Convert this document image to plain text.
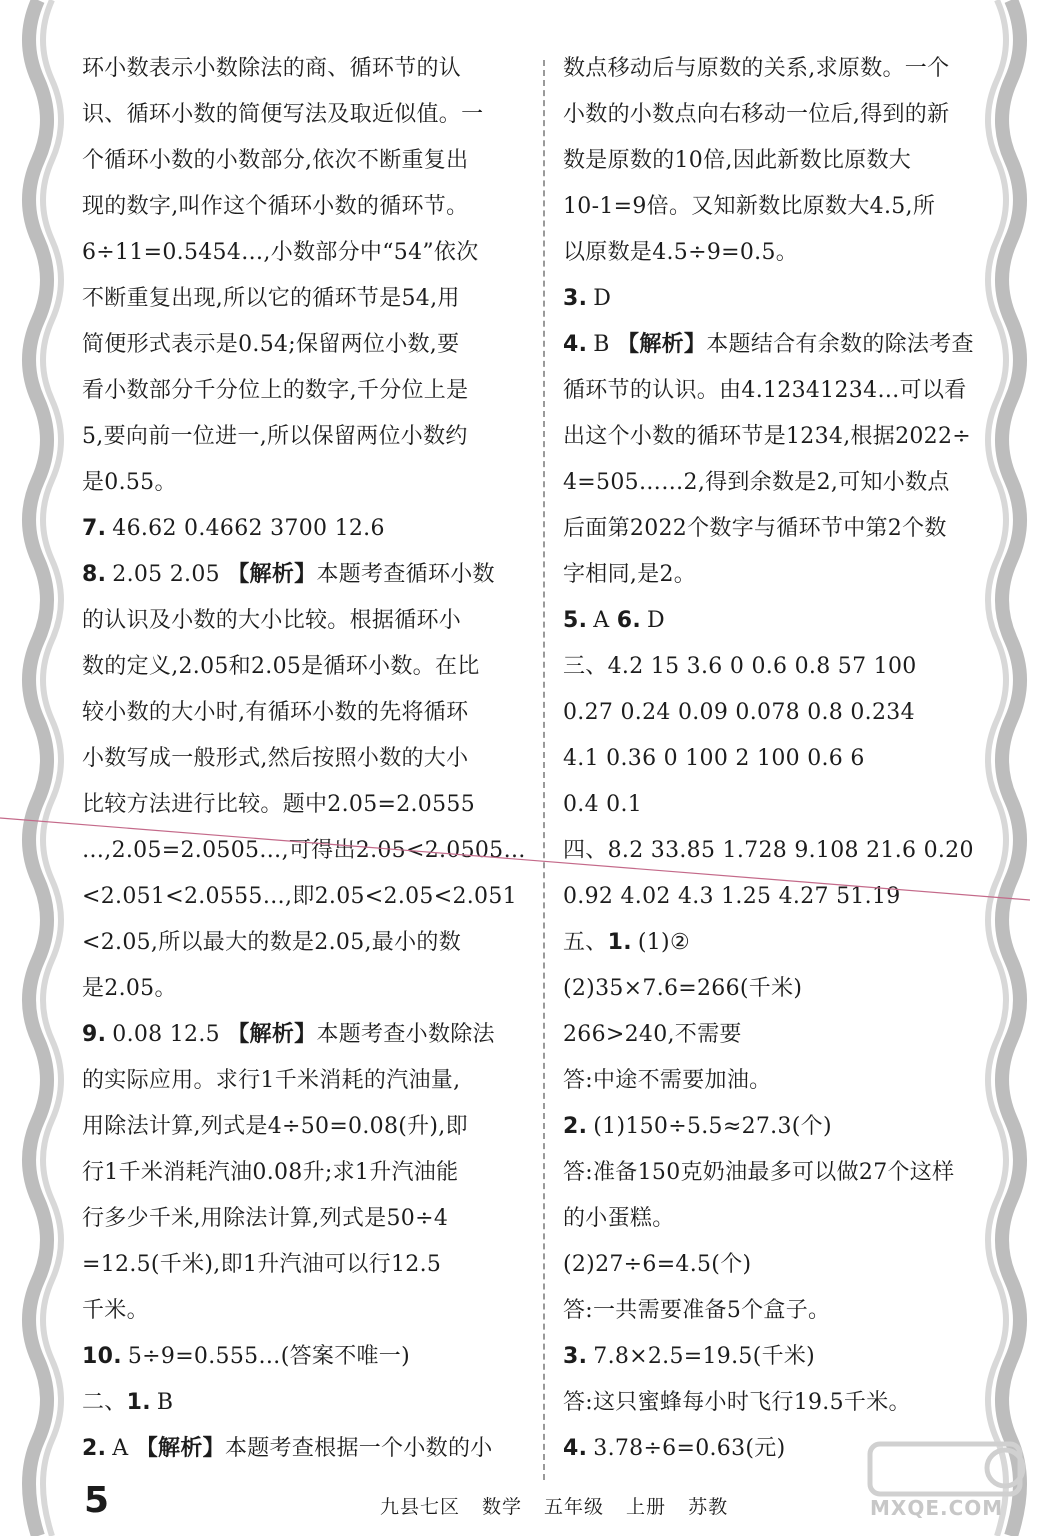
环小数表示小数除法的商、循环节的认
识、循环小数的简便写法及取近似值。一
个循环小数的小数部分,依次不断重复出
现的数字,叫作这个循环小数的循环节。
6÷11=0.5454…,小数部分中“54”依次
不断重复出现,所以它的循环节是54,用
简便形式表示是0.54;保留两位小数,要
看小数部分千分位上的数字,千分位上是
5,要向前一位进一,所以保留两位小数约
是0.55。
7. 46.62 0.4662 3700 12.6
8. 2.05 2.05 【解析】本题考查循环小数
的认识及小数的大小比较。根据循环小
数的定义,2.05和2.05是循环小数。在比
较小数的大小时,有循环小数的先将循环
小数写成一般形式,然后按照小数的大小
比较方法进行比较。题中2.05=2.0555
…,2.05=2.0505…,可得出2.05<2.0505…
<2.051<2.0555…,即2.05<2.05<2.051
<2.05,所以最大的数是2.05,最小的数
是2.05。
9. 0.08 12.5 【解析】本题考查小数除法
的实际应用。求行1千米消耗的汽油量,
用除法计算,列式是4÷50=0.08(升),即
行1千米消耗汽油0.08升;求1升汽油能
行多少千米,用除法计算,列式是50÷4
=12.5(千米),即1升汽油可以行12.5
千米。
10. 5÷9=0.555…(答案不唯一)
二、1. B
2. A 【解析】本题考查根据一个小数的小
数点移动后与原数的关系,求原数。一个
小数的小数点向右移动一位后,得到的新
数是原数的10倍,因此新数比原数大
10-1=9倍。又知新数比原数大4.5,所
以原数是4.5÷9=0.5。
3. D
4. B 【解析】本题结合有余数的除法考查
循环节的认识。由4.12341234…可以看
出这个小数的循环节是1234,根据2022÷
4=505……2,得到余数是2,可知小数点
后面第2022个数字与循环节中第2个数
字相同,是2。
5. A 6. D
三、4.2 15 3.6 0 0.6 0.8 57 100
0.27 0.24 0.09 0.078 0.8 0.234
4.1 0.36 0 100 2 100 0.6 6
0.4 0.1
四、8.2 33.85 1.728 9.108 21.6 0.20
0.92 4.02 4.3 1.25 4.27 51.19
五、1. (1)②
(2)35×7.6=266(千米)
266>240,不需要
答:中途不需要加油。
2. (1)150÷5.5≈27.3(个)
答:准备150克奶油最多可以做27个这样
的小蛋糕。
(2)27÷6=4.5(个)
答:一共需要准备5个盒子。
3. 7.8×2.5=19.5(千米)
答:这只蜜蜂每小时飞行19.5千米。
4. 3.78÷6=0.63(元)
5	九县七区 数学 五年级 上册 苏教	MXQE.COM
